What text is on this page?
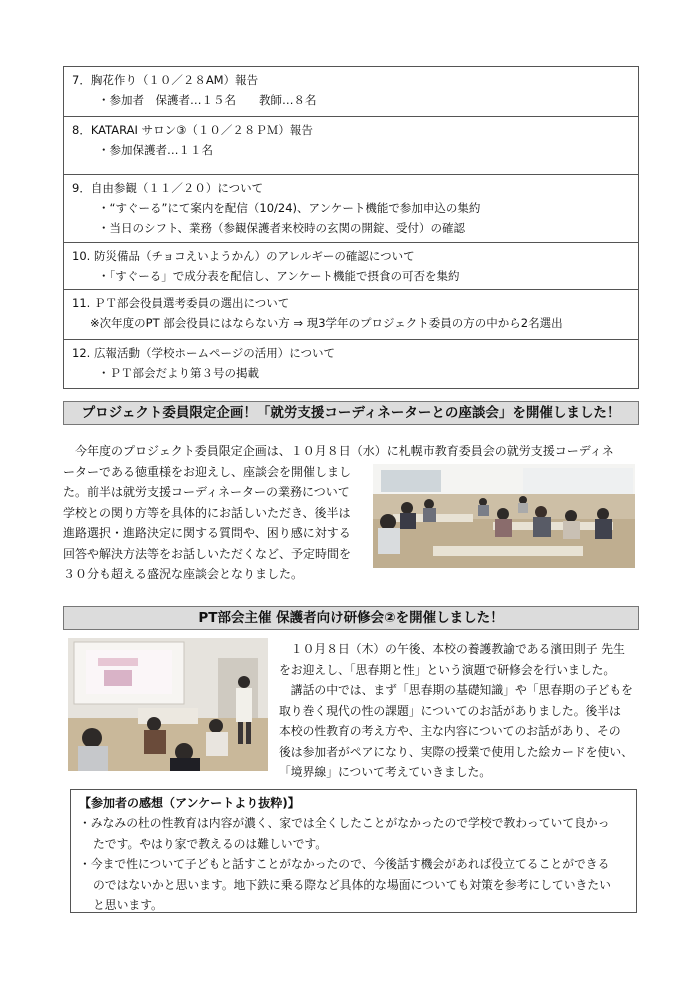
7．胸花作り（１０／２８AM）報告
・参加者　保護者…１５名　　教師…８名
8．KATARAI サロン③（１０／２８ＰＭ）報告
・参加保護者…１１名
9．自由参観（１１／２０）について
・“すぐーる”にて案内を配信（10/24)、アンケート機能で参加申込の集約
・当日のシフト、業務（参観保護者来校時の玄関の開錠、受付）の確認
10. 防災備品（チョコえいようかん）のアレルギーの確認について
・「すぐーる」で成分表を配信し、アンケート機能で摂食の可否を集約
11. ＰＴ部会役員選考委員の選出について
※次年度のPT 部会役員にはならない方 ⇒ 現3学年のプロジェクト委員の方の中から2名選出
12. 広報活動（学校ホームページの活用）について
・ＰＴ部会だより第３号の掲載
プロジェクト委員限定企画！「就労支援コーディネーターとの座談会」を開催しました！
　今年度のプロジェクト委員限定企画は、１０月８日（水）に札幌市教育委員会の就労支援コーディネ
ーターである徳重様をお迎えし、座談会を開催しまし
た。前半は就労支援コーディネーターの業務について
学校との関り方等を具体的にお話しいただき、後半は
進路選択・進路決定に関する質問や、困り感に対する
回答や解決方法等をお話しいただくなど、予定時間を
３０分も超える盛況な座談会となりました。
PT部会主催 保護者向け研修会②を開催しました！
　１０月８日（木）の午後、本校の養護教諭である濱田則子 先生
をお迎えし、「思春期と性」という演題で研修会を行いました。
　講話の中では、まず「思春期の基礎知識」や「思春期の子どもを
取り巻く現代の性の課題」についてのお話がありました。後半は
本校の性教育の考え方や、主な内容についてのお話があり、その
後は参加者がペアになり、実際の授業で使用した絵カードを使い、
「境界線」について考えていきました。
【参加者の感想（アンケートより抜粋)】
・みなみの杜の性教育は内容が濃く、家では全くしたことがなかったので学校で教わっていて良かっ
たです。やはり家で教えるのは難しいです。
・今まで性について子どもと話すことがなかったので、今後話す機会があれば役立てることができる
のではないかと思います。地下鉄に乗る際など具体的な場面についても対策を参考にしていきたい
と思います。
